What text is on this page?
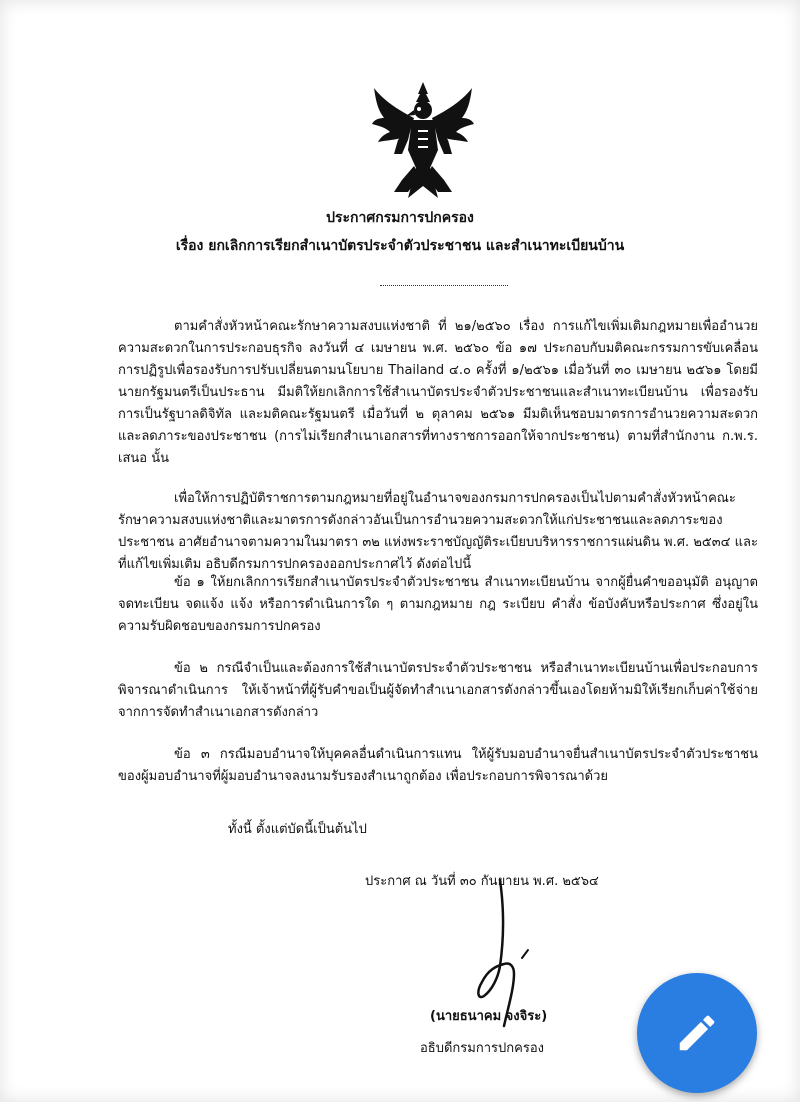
ประกาศกรมการปกครอง
เรื่อง ยกเลิกการเรียกสำเนาบัตรประจำตัวประชาชน และสำเนาทะเบียนบ้าน
ตามคำสั่งหัวหน้าคณะรักษาความสงบแห่งชาติ ที่ ๒๑/๒๕๖๐ เรื่อง การแก้ไขเพิ่มเติมกฎหมายเพื่ออำนวยความสะดวกในการประกอบธุรกิจ ลงวันที่ ๔ เมษายน พ.ศ. ๒๕๖๐ ข้อ ๑๗ ประกอบกับมติคณะกรรมการขับเคลื่อนการปฏิรูปเพื่อรองรับการปรับเปลี่ยนตามนโยบาย Thailand ๔.๐ ครั้งที่ ๑/๒๕๖๑ เมื่อวันที่ ๓๐ เมษายน ๒๕๖๑ โดยมีนายกรัฐมนตรีเป็นประธาน มีมติให้ยกเลิกการใช้สำเนาบัตรประจำตัวประชาชนและสำเนาทะเบียนบ้าน เพื่อรองรับการเป็นรัฐบาลดิจิทัล และมติคณะรัฐมนตรี เมื่อวันที่ ๒ ตุลาคม ๒๕๖๑ มีมติเห็นชอบมาตรการอำนวยความสะดวกและลดภาระของประชาชน (การไม่เรียกสำเนาเอกสารที่ทางราชการออกให้จากประชาชน) ตามที่สำนักงาน ก.พ.ร. เสนอ นั้น
เพื่อให้การปฏิบัติราชการตามกฎหมายที่อยู่ในอำนาจของกรมการปกครองเป็นไปตามคำสั่งหัวหน้าคณะรักษาความสงบแห่งชาติและมาตรการดังกล่าวอันเป็นการอำนวยความสะดวกให้แก่ประชาชนและลดภาระของประชาชน อาศัยอำนาจตามความในมาตรา ๓๒ แห่งพระราชบัญญัติระเบียบบริหารราชการแผ่นดิน พ.ศ. ๒๕๓๔ และที่แก้ไขเพิ่มเติม อธิบดีกรมการปกครองออกประกาศไว้ ดังต่อไปนี้
ข้อ ๑ ให้ยกเลิกการเรียกสำเนาบัตรประจำตัวประชาชน สำเนาทะเบียนบ้าน จากผู้ยื่นคำขออนุมัติ อนุญาต จดทะเบียน จดแจ้ง แจ้ง หรือการดำเนินการใด ๆ ตามกฎหมาย กฎ ระเบียบ คำสั่ง ข้อบังคับหรือประกาศ ซึ่งอยู่ในความรับผิดชอบของกรมการปกครอง
ข้อ ๒ กรณีจำเป็นและต้องการใช้สำเนาบัตรประจำตัวประชาชน หรือสำเนาทะเบียนบ้านเพื่อประกอบการพิจารณาดำเนินการ ให้เจ้าหน้าที่ผู้รับคำขอเป็นผู้จัดทำสำเนาเอกสารดังกล่าวขึ้นเองโดยห้ามมิให้เรียกเก็บค่าใช้จ่ายจากการจัดทำสำเนาเอกสารดังกล่าว
ข้อ ๓ กรณีมอบอำนาจให้บุคคลอื่นดำเนินการแทน ให้ผู้รับมอบอำนาจยื่นสำเนาบัตรประจำตัวประชาชนของผู้มอบอำนาจที่ผู้มอบอำนาจลงนามรับรองสำเนาถูกต้อง เพื่อประกอบการพิจารณาด้วย
ทั้งนี้ ตั้งแต่บัดนี้เป็นต้นไป
ประกาศ ณ วันที่ ๓๐ กันยายน พ.ศ. ๒๕๖๔
(นายธนาคม จงจิระ)
อธิบดีกรมการปกครอง
